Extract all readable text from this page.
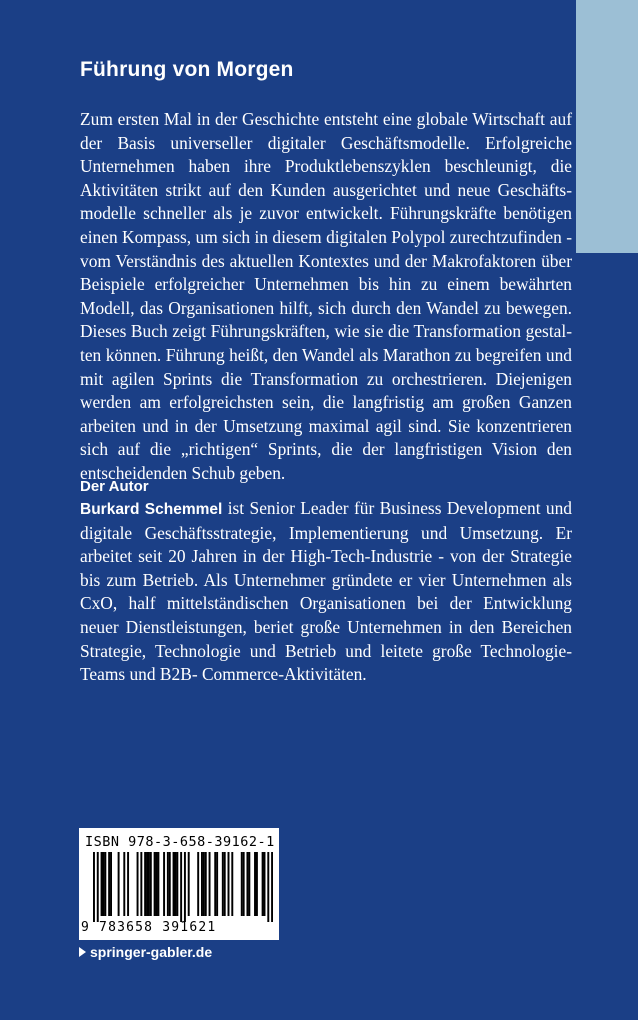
Führung von Morgen

Zum ersten Mal in der Geschichte entsteht eine globale Wirtschaft auf der Basis universeller digitaler Geschäftsmodelle. Erfolgreiche Unternehmen haben ihre Produktlebenszyklen beschleunigt, die Aktivitäten strikt auf den Kunden ausgerichtet und neue Geschäftsmodelle schneller als je zuvor entwickelt. Führungskräfte benötigen einen Kompass, um sich in diesem digitalen Polypol zurechtzufinden - vom Verständnis des aktuellen Kontextes und der Makrofaktoren über Beispiele erfolgreicher Unternehmen bis hin zu einem bewährten Modell, das Organisationen hilft, sich durch den Wandel zu bewegen. Dieses Buch zeigt Führungskräften, wie sie die Transformation gestalten können. Führung heißt, den Wandel als Marathon zu begreifen und mit agilen Sprints die Transformation zu orchestrieren. Diejenigen werden am erfolgreichsten sein, die langfristig am großen Ganzen arbeiten und in der Umsetzung maximal agil sind. Sie konzentrieren sich auf die „richtigen“ Sprints, die der langfristigen Vision den entscheidenden Schub geben.

Der Autor

Burkard Schemmel ist Senior Leader für Business Development und digitale Geschäftsstrategie, Implementierung und Umsetzung. Er arbeitet seit 20 Jahren in der High-Tech-Industrie - von der Strategie bis zum Betrieb. Als Unternehmer gründete er vier Unternehmen als CxO, half mittelständischen Organisationen bei der Entwicklung neuer Dienstleistungen, beriet große Unternehmen in den Bereichen Strategie, Technologie und Betrieb und leitete große Technologie-Teams und B2B- Commerce-Aktivitäten.

ISBN 978-3-658-39162-1
9 783658 391621
springer-gabler.de
